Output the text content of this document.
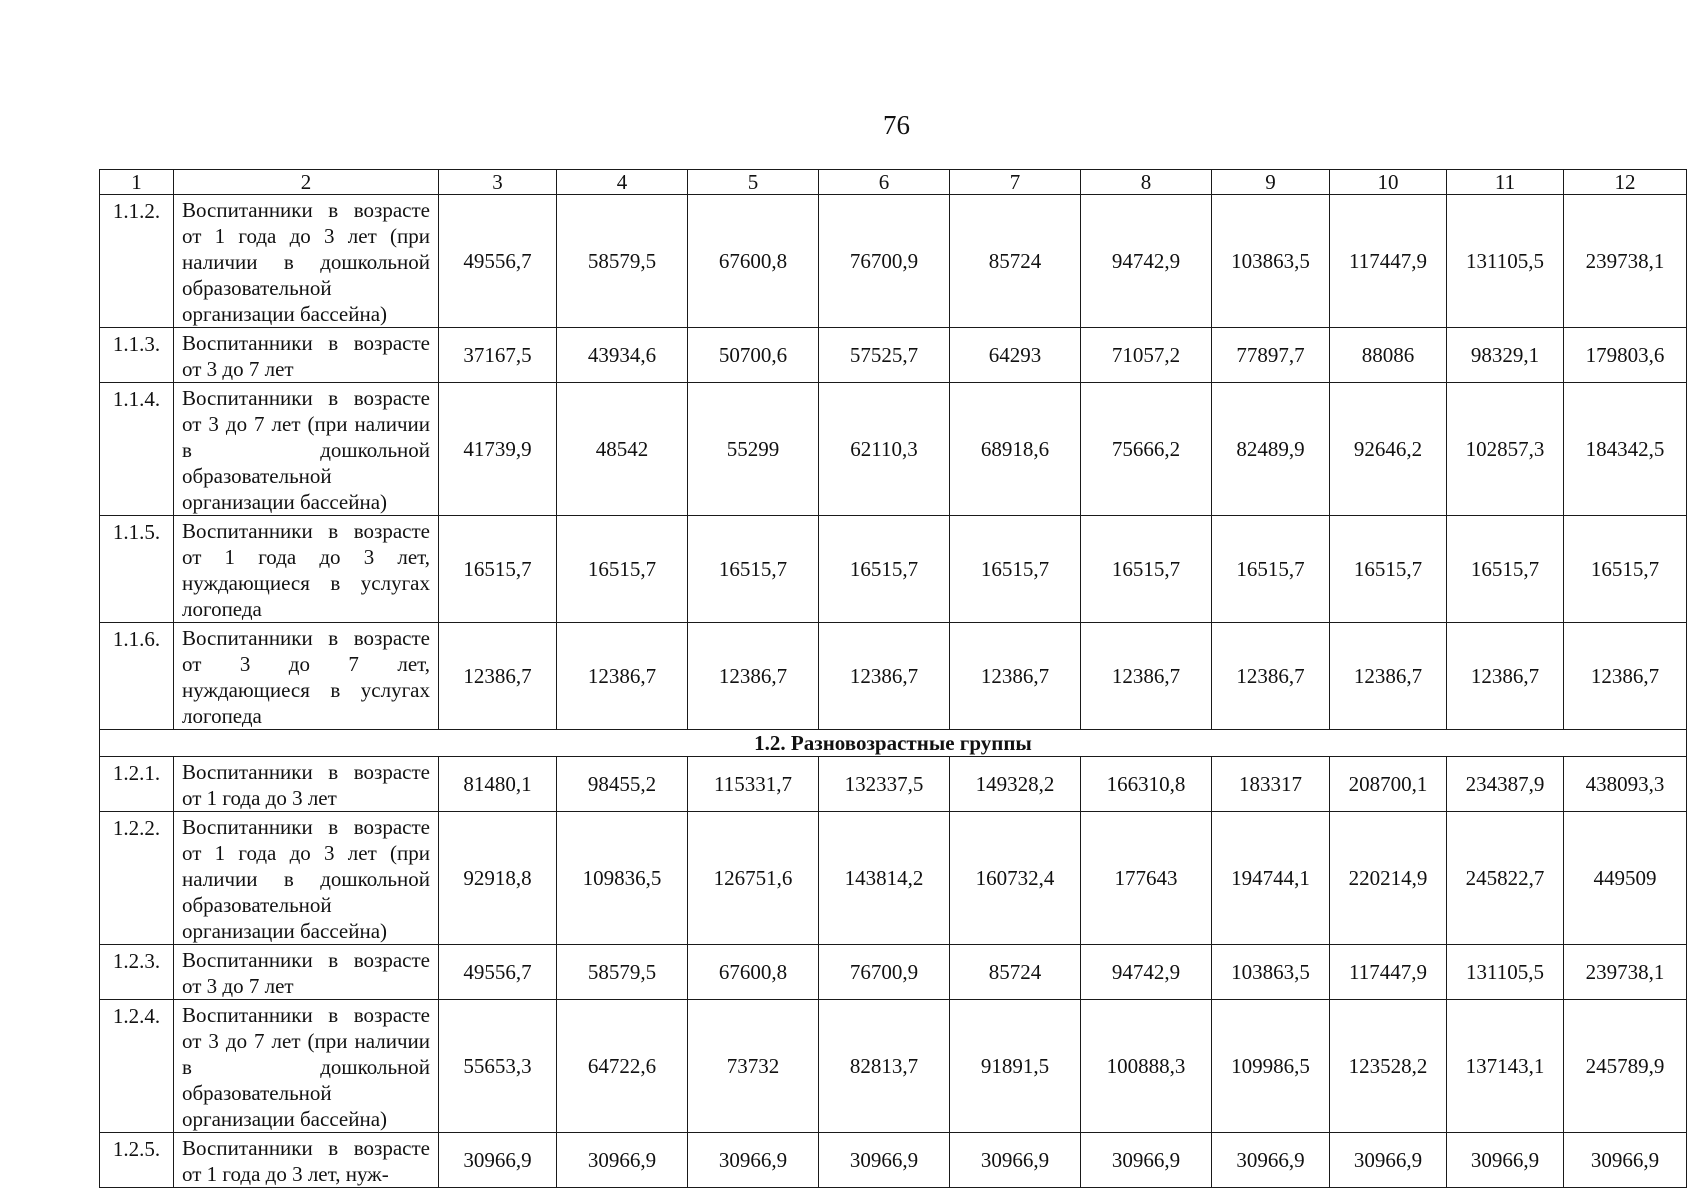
76
1	2	3	4	5	6	7	8	9	10	11	12
1.1.2.	Воспитанники в возрасте от 1 года до 3 лет (при наличии в дошкольной образовательной организации бассейна)	49556,7	58579,5	67600,8	76700,9	85724	94742,9	103863,5	117447,9	131105,5	239738,1
1.1.3.	Воспитанники в возрасте от 3 до 7 лет	37167,5	43934,6	50700,6	57525,7	64293	71057,2	77897,7	88086	98329,1	179803,6
1.1.4.	Воспитанники в возрасте от 3 до 7 лет (при наличии в дошкольной образовательной организации бассейна)	41739,9	48542	55299	62110,3	68918,6	75666,2	82489,9	92646,2	102857,3	184342,5
1.1.5.	Воспитанники в возрасте от 1 года до 3 лет, нуждающиеся в услугах логопеда	16515,7	16515,7	16515,7	16515,7	16515,7	16515,7	16515,7	16515,7	16515,7	16515,7
1.1.6.	Воспитанники в возрасте от 3 до 7 лет, нуждающиеся в услугах логопеда	12386,7	12386,7	12386,7	12386,7	12386,7	12386,7	12386,7	12386,7	12386,7	12386,7
1.2. Разновозрастные группы											
1.2.1.	Воспитанники в возрасте от 1 года до 3 лет	81480,1	98455,2	115331,7	132337,5	149328,2	166310,8	183317	208700,1	234387,9	438093,3
1.2.2.	Воспитанники в возрасте от 1 года до 3 лет (при наличии в дошкольной образовательной организации бассейна)	92918,8	109836,5	126751,6	143814,2	160732,4	177643	194744,1	220214,9	245822,7	449509
1.2.3.	Воспитанники в возрасте от 3 до 7 лет	49556,7	58579,5	67600,8	76700,9	85724	94742,9	103863,5	117447,9	131105,5	239738,1
1.2.4.	Воспитанники в возрасте от 3 до 7 лет (при наличии в дошкольной образовательной организации бассейна)	55653,3	64722,6	73732	82813,7	91891,5	100888,3	109986,5	123528,2	137143,1	245789,9
1.2.5.	Воспитанники в возрасте от 1 года до 3 лет, нуж-	30966,9	30966,9	30966,9	30966,9	30966,9	30966,9	30966,9	30966,9	30966,9	30966,9
